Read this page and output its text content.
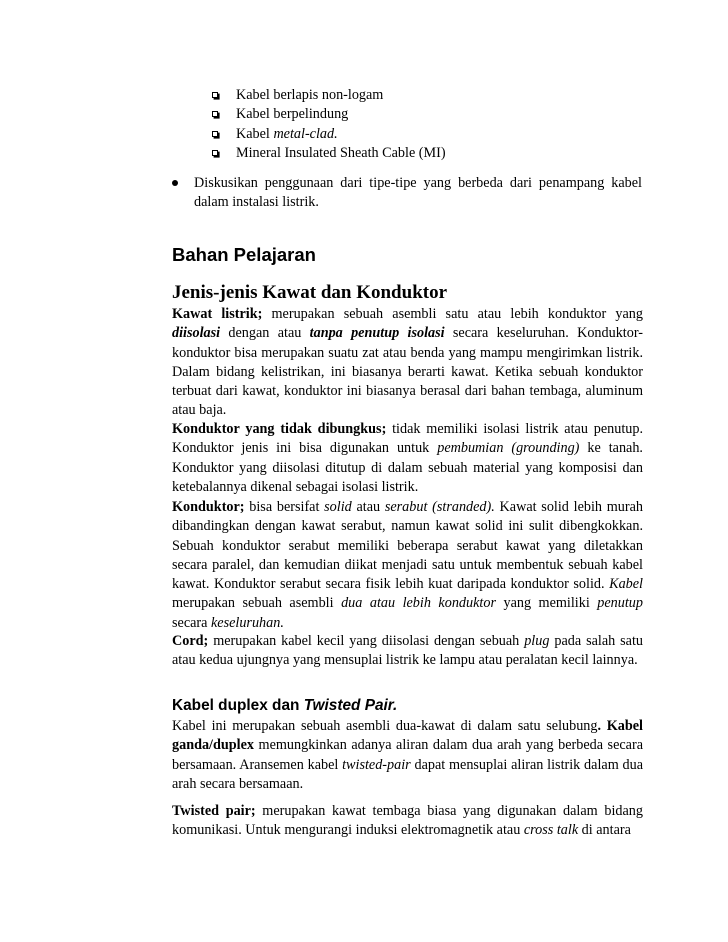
Kabel berlapis non-logam
Kabel berpelindung
Kabel metal-clad.
Mineral Insulated Sheath Cable (MI)
Diskusikan penggunaan dari tipe-tipe yang berbeda dari penampang kabel dalam instalasi listrik.
Bahan Pelajaran
Jenis-jenis Kawat dan Konduktor

Kawat listrik; merupakan sebuah asembli satu atau lebih konduktor yang diisolasi dengan atau tanpa penutup isolasi secara keseluruhan. Konduktor-konduktor bisa merupakan suatu zat atau benda yang mampu mengirimkan listrik. Dalam bidang kelistrikan, ini biasanya berarti kawat. Ketika sebuah konduktor terbuat dari kawat, konduktor ini biasanya berasal dari bahan tembaga, aluminum atau baja.

Konduktor yang tidak dibungkus; tidak memiliki isolasi listrik atau penutup. Konduktor jenis ini bisa digunakan untuk pembumian (grounding) ke tanah. Konduktor yang diisolasi ditutup di dalam sebuah material yang komposisi dan ketebalannya dikenal sebagai isolasi listrik.

Konduktor; bisa bersifat solid atau serabut (stranded). Kawat solid lebih murah dibandingkan dengan kawat serabut, namun kawat solid ini sulit dibengkokkan. Sebuah konduktor serabut memiliki beberapa serabut kawat yang diletakkan secara paralel, dan kemudian diikat menjadi satu untuk membentuk sebuah kabel kawat. Konduktor serabut secara fisik lebih kuat daripada konduktor solid. Kabel merupakan sebuah asembli dua atau lebih konduktor yang memiliki penutup secara keseluruhan.

Cord; merupakan kabel kecil yang diisolasi dengan sebuah plug pada salah satu atau kedua ujungnya yang mensuplai listrik ke lampu atau peralatan kecil lainnya.

Kabel duplex dan Twisted Pair.

Kabel ini merupakan sebuah asembli dua-kawat di dalam satu selubung. Kabel ganda/duplex memungkinkan adanya aliran dalam dua arah yang berbeda secara bersamaan. Aransemen kabel twisted-pair dapat mensuplai aliran listrik dalam dua arah secara bersamaan.

Twisted pair; merupakan kawat tembaga biasa yang digunakan dalam bidang komunikasi. Untuk mengurangi induksi elektromagnetik atau cross talk di antara
